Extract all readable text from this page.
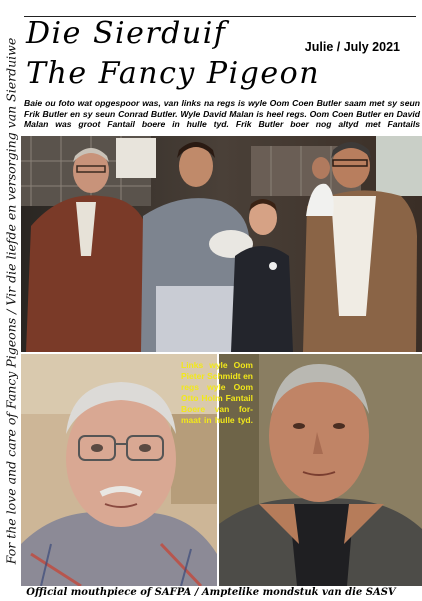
For the love and care of Fancy Pigeons / Vir die liefde en versorging van Sierduiwe
Die Sierduif
The Fancy Pigeon
Julie / July 2021
Baie ou foto wat opgespoor was, van links na regs is wyle Oom Coen Butler saam met sy seun
Frik Butler en sy seun Conrad Butler. Wyle David Malan is heel regs. Oom Coen Butler en David
Malan was groot Fantail boere in hulle tyd. Frik Butler boer nog altyd met Fantails
Links wyle Oom
Pieter Schmidt en
regs wyle Oom
Otto Holm Fantail
Boere van for-
maat in hulle tyd.
Official mouthpiece of SAFPA / Amptelike mondstuk van die SASV
